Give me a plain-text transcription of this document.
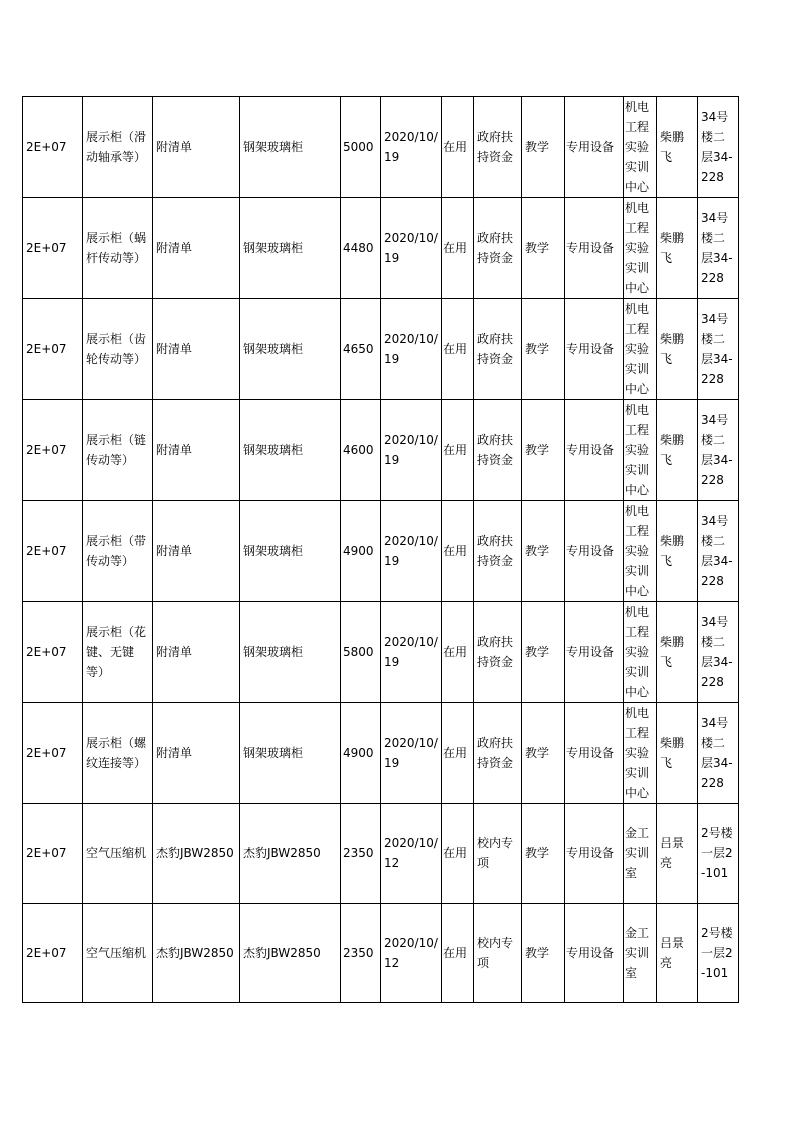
2E+07	展示柜（滑动轴承等）	附清单	钢架玻璃柜	5000	2020/10/19	在用	政府扶持资金	教学	专用设备	机电工程实验实训中心	柴鹏飞	34号楼二层34-228
2E+07	展示柜（蜗杆传动等）	附清单	钢架玻璃柜	4480	2020/10/19	在用	政府扶持资金	教学	专用设备	机电工程实验实训中心	柴鹏飞	34号楼二层34-228
2E+07	展示柜（齿轮传动等）	附清单	钢架玻璃柜	4650	2020/10/19	在用	政府扶持资金	教学	专用设备	机电工程实验实训中心	柴鹏飞	34号楼二层34-228
2E+07	展示柜（链传动等）	附清单	钢架玻璃柜	4600	2020/10/19	在用	政府扶持资金	教学	专用设备	机电工程实验实训中心	柴鹏飞	34号楼二层34-228
2E+07	展示柜（带传动等）	附清单	钢架玻璃柜	4900	2020/10/19	在用	政府扶持资金	教学	专用设备	机电工程实验实训中心	柴鹏飞	34号楼二层34-228
2E+07	展示柜（花键、无键等）	附清单	钢架玻璃柜	5800	2020/10/19	在用	政府扶持资金	教学	专用设备	机电工程实验实训中心	柴鹏飞	34号楼二层34-228
2E+07	展示柜（螺纹连接等）	附清单	钢架玻璃柜	4900	2020/10/19	在用	政府扶持资金	教学	专用设备	机电工程实验实训中心	柴鹏飞	34号楼二层34-228
2E+07	空气压缩机	杰豹JBW2850	杰豹JBW2850	2350	2020/10/12	在用	校内专项	教学	专用设备	金工实训室	吕景亮	2号楼一层2-101
2E+07	空气压缩机	杰豹JBW2850	杰豹JBW2850	2350	2020/10/12	在用	校内专项	教学	专用设备	金工实训室	吕景亮	2号楼一层2-101
